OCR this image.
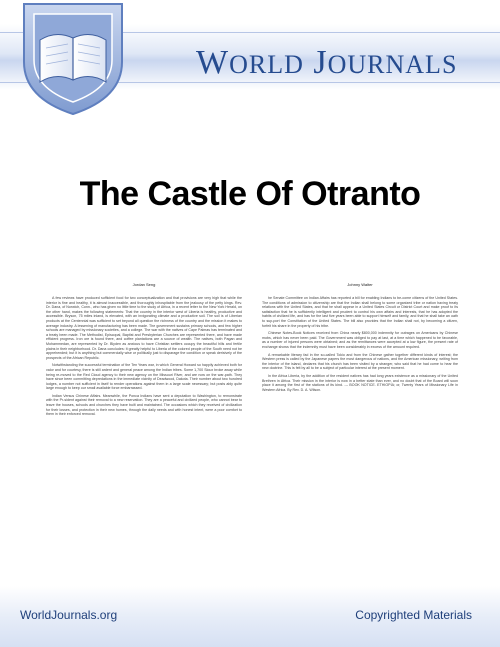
WORLD JOURNALS
The Castle Of Otranto
Jordan Seng

A few reviews have produced sufficient food for two conceptualization and that provisions are very high that while the interior is fine and healthy, it is almost inaccessible, and thoroughly inhospitable from the jealousy of the petty kings. Rev. Dr. Dana, of Norwich, Conn., who has given no little time to the study of Africa, in a recent letter to the New York Herald, on the other hand, makes the following statements: That the country in the interior west of Liberia is healthy, productive and accessible. Bryson, 75 miles inland, is elevated, with an invigorating climate and a productive soil. The soil is of Liberian products at the Centennial was sufficient to set beyond all question the richness of the country and the mission it makes to average industry. A lessening of manufacturing has been made. The government sustains primary schools, and few higher schools are managed by missionary societies, and a college. The war with the natives of Cape Palmas has terminated and a treaty been made. The Methodist, Episcopal, Baptist and Presbyterian Churches are represented there, and have made efficient progress. Iron ore is found there, and coffee plantations are a source of wealth. The natives, both Pagan and Mohammedan, are represented by Dr. Blyden as anxious to have Christian settlers occupy the beautiful hills and fertile plains in their neighborhood. Dr. Dana concludes: It greatly helpful to Liberia of the colored people of the South need not be apprehended; but it is anything but commercially wise or politically just to disparage the condition or speak derisively of the prospects of the African Republic.

Notwithstanding the successful termination of the Ten Years war, in which General Howard so happily achieved both for valor and for courtesy, there is still ardent and general peace among the Indian tribes. Some 1,700 Sioux broke away while being re-moved to the Red Cloud agency to their new agency on the Missouri River, and are now on the war-path. They have since been committing depredations in the immediate vicinity of Deadwood, Dakota. Their number about two hundred lodges, a number not sufficient in itself to render operations against them in a large scale necessary; but posts ably quite large enough to keep our small available force embarrassed.

Indian Versus Chinese Affairs. Meanwhile, the Ponca Indians have sent a deputation to Washington, to remonstrate with the Pr-sident against their removal to a new reservation. They are a peaceful and civilized people, who cannot bear to leave the houses, schools and churches they have built and maintained. The occasions which they received of civilization for their losses, and protection in their new homes, through the daily needs and with honest intent, were a poor comfort to them in their enforced removal.

Johnny Walter

he Senate Committee on Indian Affairs has reported a bill for enabling Indians to be-come citizens of the United States. The conditions of admission to citizenship are that the Indian shall belong to some organized tribe or nation having treaty relations with the United States, and that he shall appear in a United States Circuit or District Court and make proof to its satisfaction that he is sufficiently intelligent and prudent to control his own affairs and interests, that he has adopted the habits of civilized life, and has for the last five years been able to support himself and family, and that he shall take an oath to sup-port the Constitution of the United States. The bill also provides that the Indian shall not, by becoming a citizen, forfeit his share in the property of his tribe.

Chinese Notes-Book Notices received from China nearly $800,000 indemnity for outrages on Americans by Chinese mobs, which has never been paid. The Government was obliged to pay at last, at a time which happened to be favorable, as a number of injured persons were obtained; and as the remittances were accepted at a low figure, the present rate of exchange shows that the indemnity must have been considerably in excess of the amount required.

A remarkable literary fad in the so-called Tokio and from the Chinese gather together different kinds of interest; the Western press is called by the Japanese papers the most dangerous of nations, and the American missionary, writing from the interior of the island, declares that his church has been visited by a stranger, who said that he had come to hear the new doctrine. This is felt by all to be a subject of particular interest at the present moment.

In the Africa Liberia, by the addition of the resident natives has had long years existence as a missionary of the United Brethren in Africa. Their mission in the interior is now in a better state than ever, and no doubt that of the Board will soon place it among the first of the stations of its kind. --- BOOK NOTICE. ETHIOPIA; or, Twenty Years of Missionary Life in Western Africa. By Rev. D. A. Wilson.

WorldJournals.org	Copyrighted Materials
